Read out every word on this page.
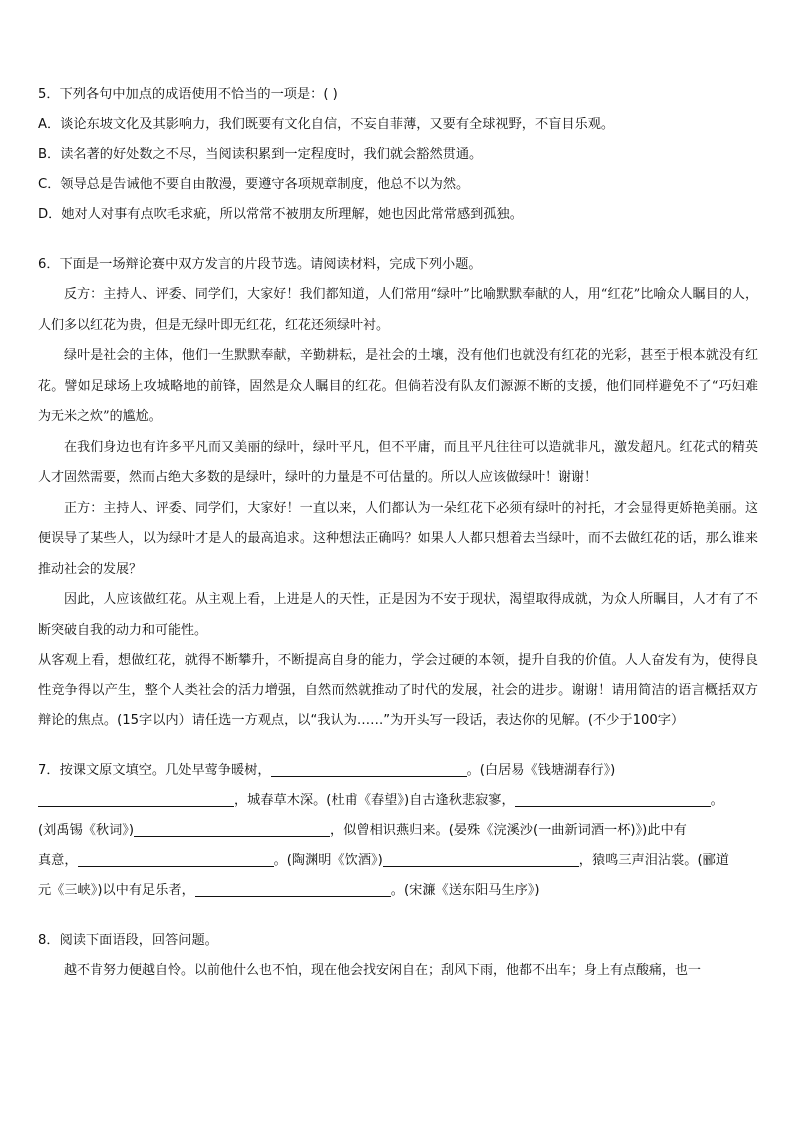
5．下列各句中加点的成语使用不恰当的一项是：( )

A．谈论东坡文化及其影响力，我们既要有文化自信，不妄自菲薄，又要有全球视野，不盲目乐观。

B．读名著的好处数之不尽，当阅读积累到一定程度时，我们就会豁然贯通。

C．领导总是告诫他不要自由散漫，要遵守各项规章制度，他总不以为然。

D．她对人对事有点吹毛求疵，所以常常不被朋友所理解，她也因此常常感到孤独。

6．下面是一场辩论赛中双方发言的片段节选。请阅读材料，完成下列小题。

反方：主持人、评委、同学们，大家好！我们都知道，人们常用“绿叶”比喻默默奉献的人，用“红花”比喻众人瞩目的人，人们多以红花为贵，但是无绿叶即无红花，红花还须绿叶衬。

绿叶是社会的主体，他们一生默默奉献，辛勤耕耘，是社会的土壤，没有他们也就没有红花的光彩，甚至于根本就没有红花。譬如足球场上攻城略地的前锋，固然是众人瞩目的红花。但倘若没有队友们源源不断的支援，他们同样避免不了“巧妇难为无米之炊”的尴尬。

在我们身边也有许多平凡而又美丽的绿叶，绿叶平凡，但不平庸，而且平凡往往可以造就非凡，激发超凡。红花式的精英人才固然需要，然而占绝大多数的是绿叶，绿叶的力量是不可估量的。所以人应该做绿叶！谢谢！

正方：主持人、评委、同学们，大家好！一直以来，人们都认为一朵红花下必须有绿叶的衬托，才会显得更娇艳美丽。这便误导了某些人，以为绿叶才是人的最高追求。这种想法正确吗？如果人人都只想着去当绿叶，而不去做红花的话，那么谁来推动社会的发展？

因此，人应该做红花。从主观上看，上进是人的天性，正是因为不安于现状，渴望取得成就，为众人所瞩目，人才有了不断突破自我的动力和可能性。

从客观上看，想做红花，就得不断攀升，不断提高自身的能力，学会过硬的本领，提升自我的价值。人人奋发有为，使得良性竞争得以产生，整个人类社会的活力增强，自然而然就推动了时代的发展，社会的进步。谢谢！请用简洁的语言概括双方辩论的焦点。(15字以内）请任选一方观点，以“我认为……”为开头写一段话，表达你的见解。(不少于100字）

7．按课文原文填空。几处早莺争暖树，	。(白居易《钱塘湖春行》)

，城春草木深。(杜甫《春望》)自古逢秋悲寂寥，	。

(刘禹锡《秋词》)	，似曾相识燕归来。(晏殊《浣溪沙(一曲新词酒一杯)》)此中有

真意，	。(陶渊明《饮酒》)	，猿鸣三声泪沾裳。(郦道

元《三峡》)以中有足乐者，	。(宋濂《送东阳马生序》)

8．阅读下面语段，回答问题。

越不肯努力便越自怜。以前他什么也不怕，现在他会找安闲自在；刮风下雨，他都不出车；身上有点酸痛，也一
